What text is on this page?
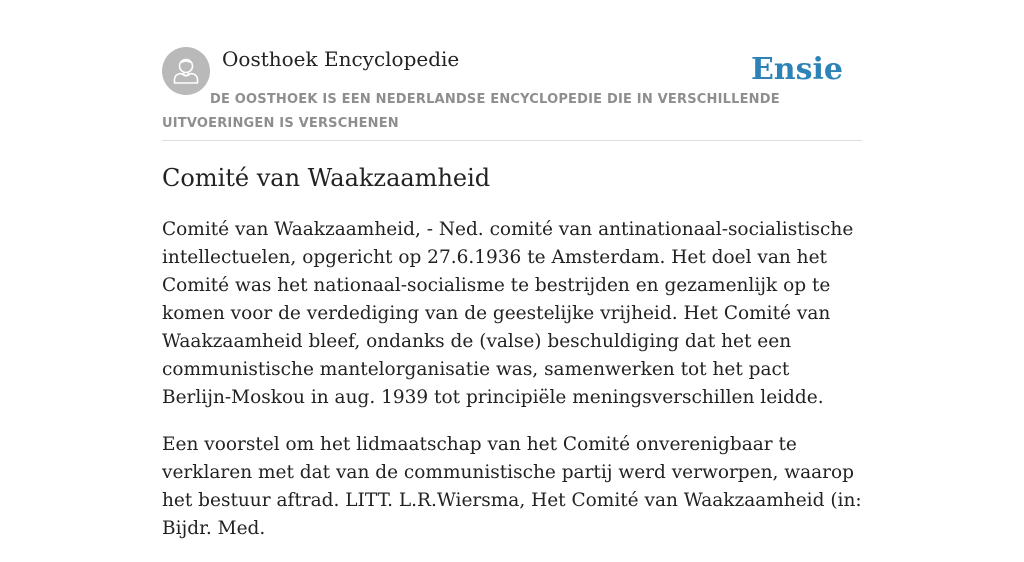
Oosthoek Encyclopedie	Ensie

DE OOSTHOEK IS EEN NEDERLANDSE ENCYCLOPEDIE DIE IN VERSCHILLENDE UITVOERINGEN IS VERSCHENEN

Comité van Waakzaamheid

Comité van Waakzaamheid, - Ned. comité van antinationaal-socialistische intellectuelen, opgericht op 27.6.1936 te Amsterdam. Het doel van het Comité was het nationaal-socialisme te bestrijden en gezamenlijk op te komen voor de verdediging van de geestelijke vrijheid. Het Comité van Waakzaamheid bleef, ondanks de (valse) beschuldiging dat het een communistische mantelorganisatie was, samenwerken tot het pact Berlijn-Moskou in aug. 1939 tot principiële meningsverschillen leidde.

Een voorstel om het lidmaatschap van het Comité onverenigbaar te verklaren met dat van de communistische partij werd verworpen, waarop het bestuur aftrad. LITT. L.R.Wiersma, Het Comité van Waakzaamheid (in: Bijdr. Med.
